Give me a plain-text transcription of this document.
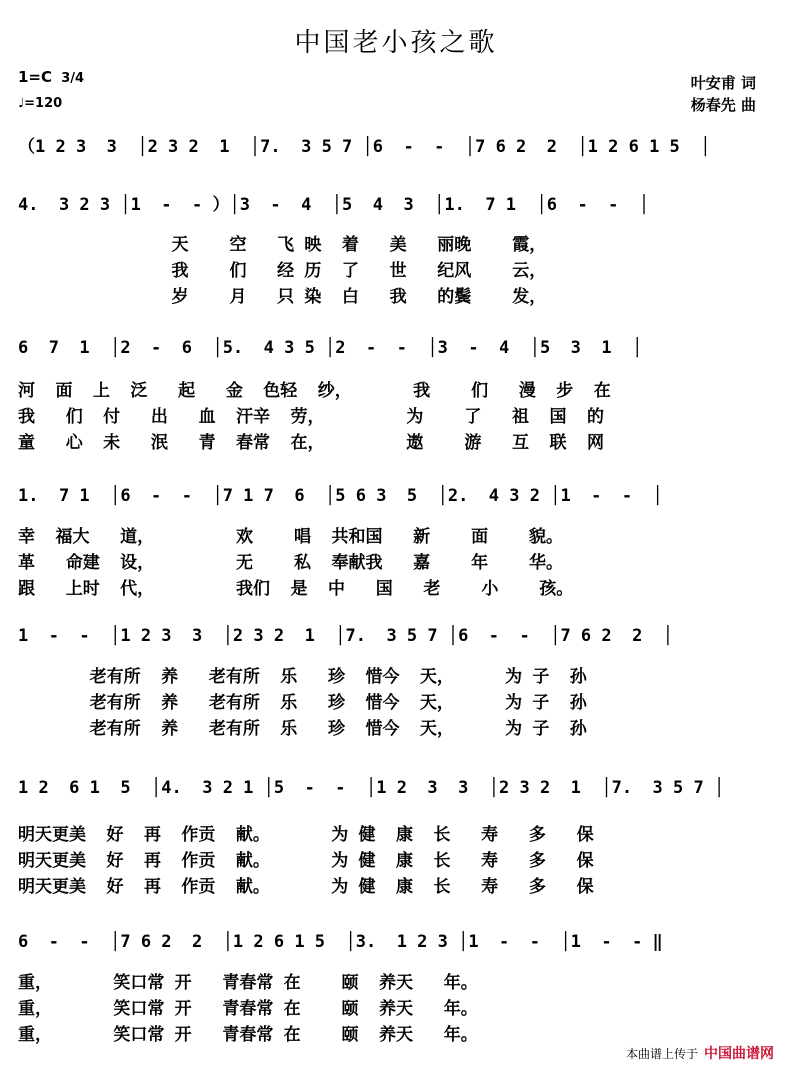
中国老小孩之歌
1=C 3/4
♩=120
叶安甫 词
杨春先 曲
（1 2 3  3  │2 3 2  1  │7.  3 5 7 │6  -  -  │7 6 2  2  │1 2 6 1 5  │
4.  3 2 3 │1  -  - ）│3  -  4  │5  4  3  │1.  7 1  │6  -  -  │
天    空   飞 映  着   美   丽晚    霞，
我    们   经 历  了   世   纪风    云，
岁    月   只 染  白   我   的鬓    发，
6  7  1  │2  -  6  │5.  4 3 5 │2  -  -  │3  -  4  │5  3  1  │
河  面  上  泛   起   金  色轻  纱，      我    们   漫  步  在
我   们  付   出   血  汗辛  劳，        为    了   祖  国  的
童   心  未   泯   青  春常  在，        遨    游   互  联  网
1.  7 1  │6  -  -  │7 1 7  6  │5 6 3  5  │2.  4 3 2 │1  -  -  │
幸  福大   道，        欢    唱  共和国   新    面    貌。
革   命建  设，        无    私  奉献我   嘉    年    华。
跟   上时  代，        我们  是  中   国   老    小    孩。
1  -  -  │1 2 3  3  │2 3 2  1  │7.  3 5 7 │6  -  -  │7 6 2  2  │
老有所  养   老有所  乐   珍  惜今  天，     为 子  孙
老有所  养   老有所  乐   珍  惜今  天，     为 子  孙
老有所  养   老有所  乐   珍  惜今  天，     为 子  孙
1 2  6 1  5  │4.  3 2 1 │5  -  -  │1 2  3  3  │2 3 2  1  │7.  3 5 7 │
明天更美  好  再  作贡  献。      为 健  康  长   寿   多   保
明天更美  好  再  作贡  献。      为 健  康  长   寿   多   保
明天更美  好  再  作贡  献。      为 健  康  长   寿   多   保
6  -  -  │7 6 2  2  │1 2 6 1 5  │3.  1 2 3 │1  -  -  │1  -  - ‖
重，      笑口常 开   青春常 在    颐  养天   年。
重，      笑口常 开   青春常 在    颐  养天   年。
重，      笑口常 开   青春常 在    颐  养天   年。
本曲谱上传于 中国曲谱网
